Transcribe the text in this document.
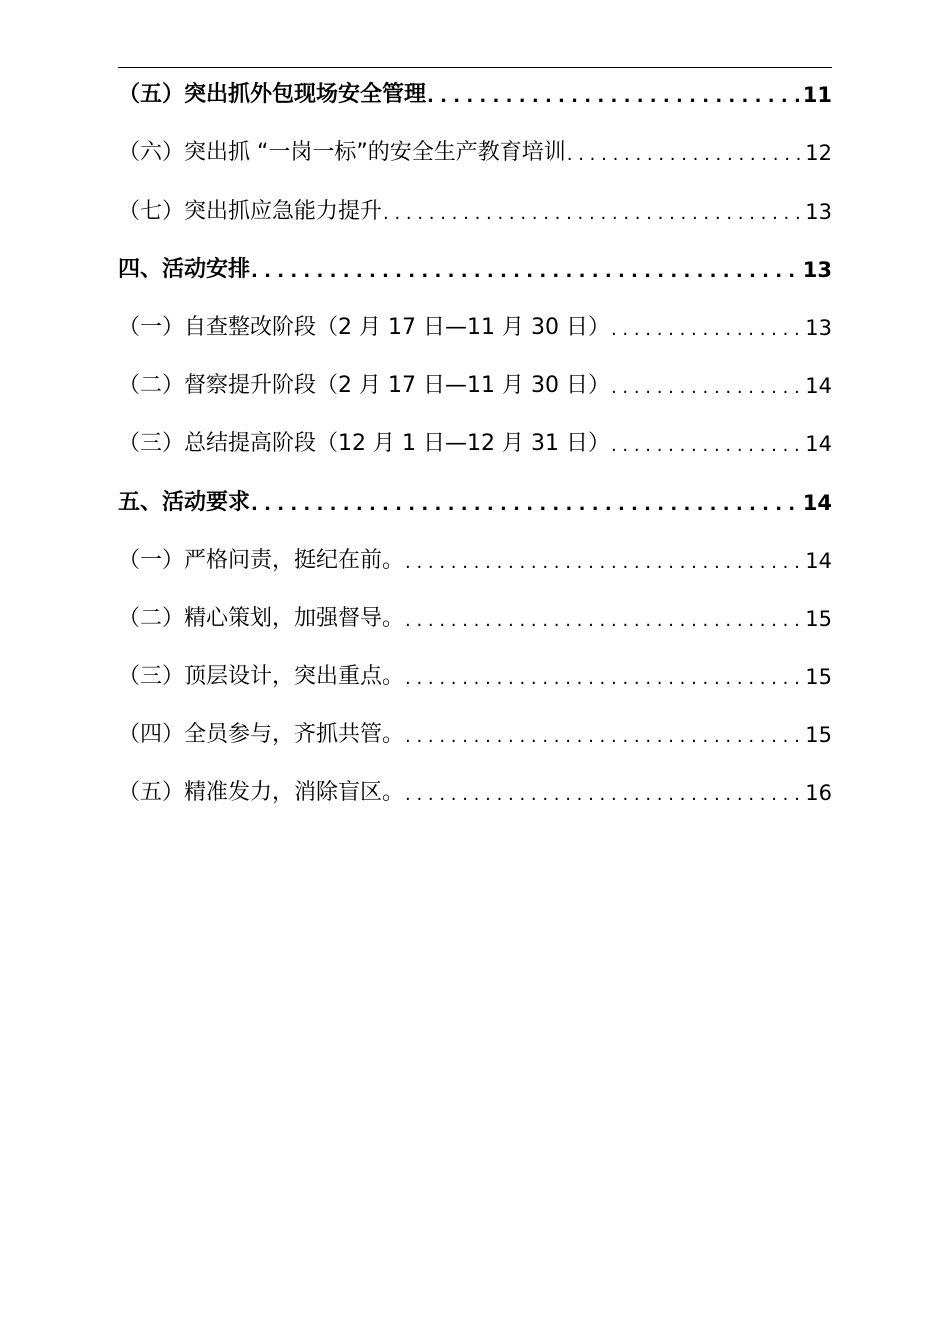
（五）突出抓外包现场安全管理 . . .	11
（六）突出抓 “一岗一标”的安全生产教育培训 . . .	12
（七）突出抓应急能力提升 . . .	13
四、活动安排 . . .	13
（一）自查整改阶段（2 月 17 日—11 月 30 日） . . .	13
（二）督察提升阶段（2 月 17 日—11 月 30 日） . . .	14
（三）总结提高阶段（12 月 1 日—12 月 31 日） . . .	14
五、活动要求 . . .	14
（一）严格问责，挺纪在前。 . . .	14
（二）精心策划，加强督导。 . . .	15
（三）顶层设计，突出重点。 . . .	15
（四）全员参与，齐抓共管。 . . .	15
（五）精准发力，消除盲区。 . . .	16
